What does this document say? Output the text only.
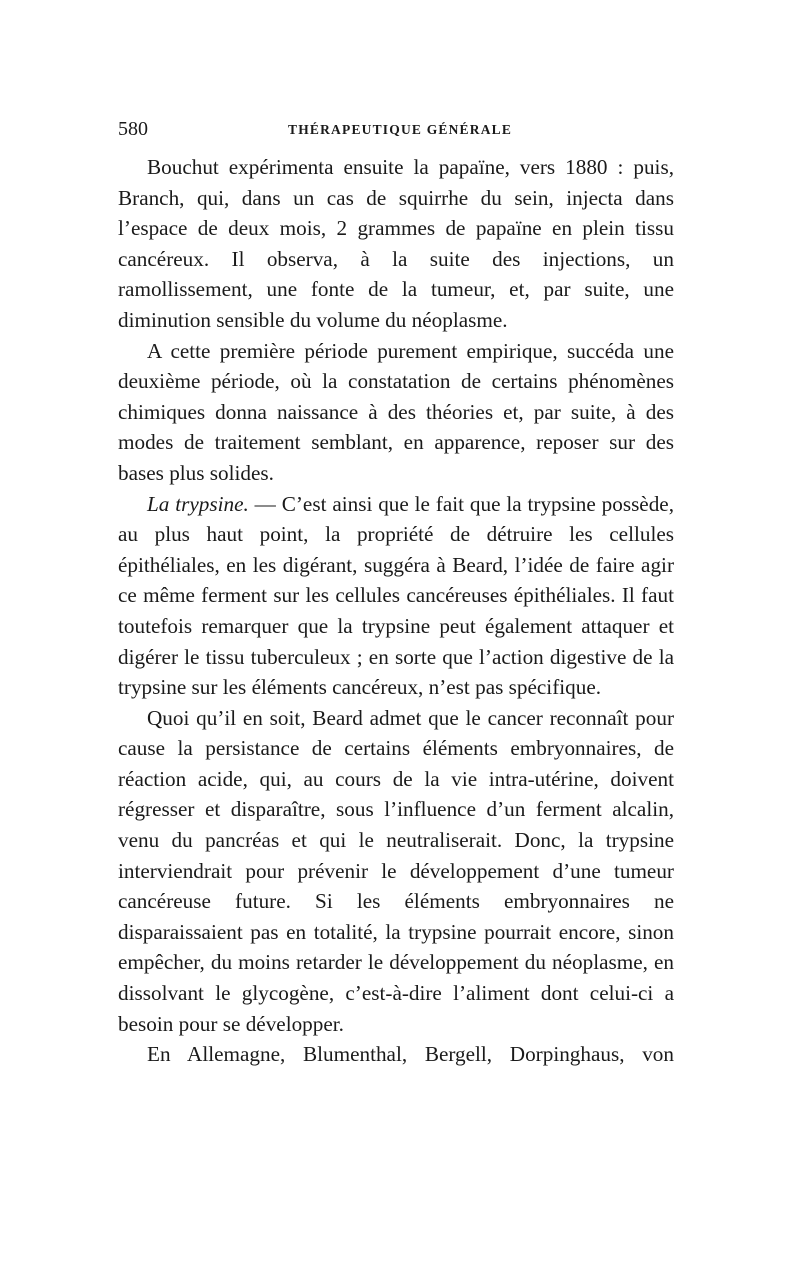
580	THÉRAPEUTIQUE GÉNÉRALE

Bouchut expérimenta ensuite la papaïne, vers 1880 : puis, Branch, qui, dans un cas de squirrhe du sein, injecta dans l’espace de deux mois, 2 grammes de papaïne en plein tissu cancéreux. Il observa, à la suite des injections, un ramollissement, une fonte de la tumeur, et, par suite, une diminution sensible du volume du néoplasme.

A cette première période purement empirique, succéda une deuxième période, où la constatation de certains phénomènes chimiques donna naissance à des théories et, par suite, à des modes de traitement semblant, en apparence, reposer sur des bases plus solides.

La trypsine. — C’est ainsi que le fait que la trypsine possède, au plus haut point, la propriété de détruire les cellules épithéliales, en les digérant, suggéra à Beard, l’idée de faire agir ce même ferment sur les cellules cancéreuses épithéliales. Il faut toutefois remarquer que la trypsine peut également attaquer et digérer le tissu tuberculeux ; en sorte que l’action digestive de la trypsine sur les éléments cancéreux, n’est pas spécifique.

Quoi qu’il en soit, Beard admet que le cancer reconnaît pour cause la persistance de certains éléments embryonnaires, de réaction acide, qui, au cours de la vie intra-utérine, doivent régresser et disparaître, sous l’influence d’un ferment alcalin, venu du pancréas et qui le neutraliserait. Donc, la trypsine interviendrait pour prévenir le développement d’une tumeur cancéreuse future. Si les éléments embryonnaires ne disparaissaient pas en totalité, la trypsine pourrait encore, sinon empêcher, du moins retarder le développement du néoplasme, en dissolvant le glycogène, c’est-à-dire l’aliment dont celui-ci a besoin pour se développer.

En Allemagne, Blumenthal, Bergell, Dorpinghaus, von
